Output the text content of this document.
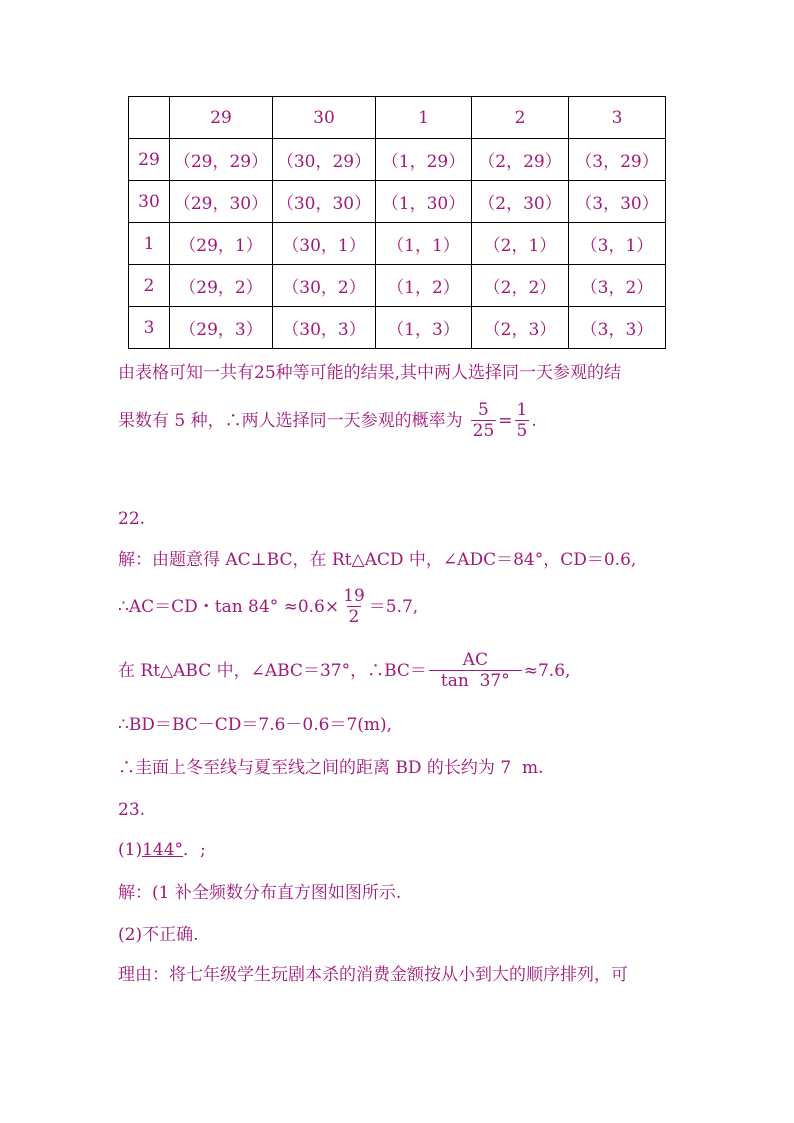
	29	30	1	2	3
29	（29，29）	（30，29）	（1，29）	（2，29）	（3，29）
30	（29，30）	（30，30）	（1，30）	（2，30）	（3，30）
1	（29，1）	（30，1）	（1，1）	（2，1）	（3，1）
2	（29，2）	（30，2）	（1，2）	（2，2）	（3，2）
3	（29，3）	（30，3）	（1，3）	（2，3）	（3，3）
由表格可知一共有25种等可能的结果,其中两人选择同一天参观的结
果数有 5 种，∴两人选择同一天参观的概率为 $\frac{5}{25} = \frac{1}{5}$ .
22.
解：由题意得 AC⊥BC，在 Rt△ACD 中，∠ADC＝84°，CD＝0.6,
∴AC＝CD・$\tan 84^\circ \approx 0.6\times \frac{19}{2} =5.7$,
在 Rt△ABC 中，∠ABC＝37°，∴BC＝ $\frac{AC}{\tan 37^\circ} \approx 7.6$,
∴BD＝BC－CD＝7.6－0.6＝7(m),
∴圭面上冬至线与夏至线之间的距离 BD 的长约为 7  m.
23.
(1)144°．;
解：(1 补全频数分布直方图如图所示.
(2)不正确.
理由：将七年级学生玩剧本杀的消费金额按从小到大的顺序排列，可
